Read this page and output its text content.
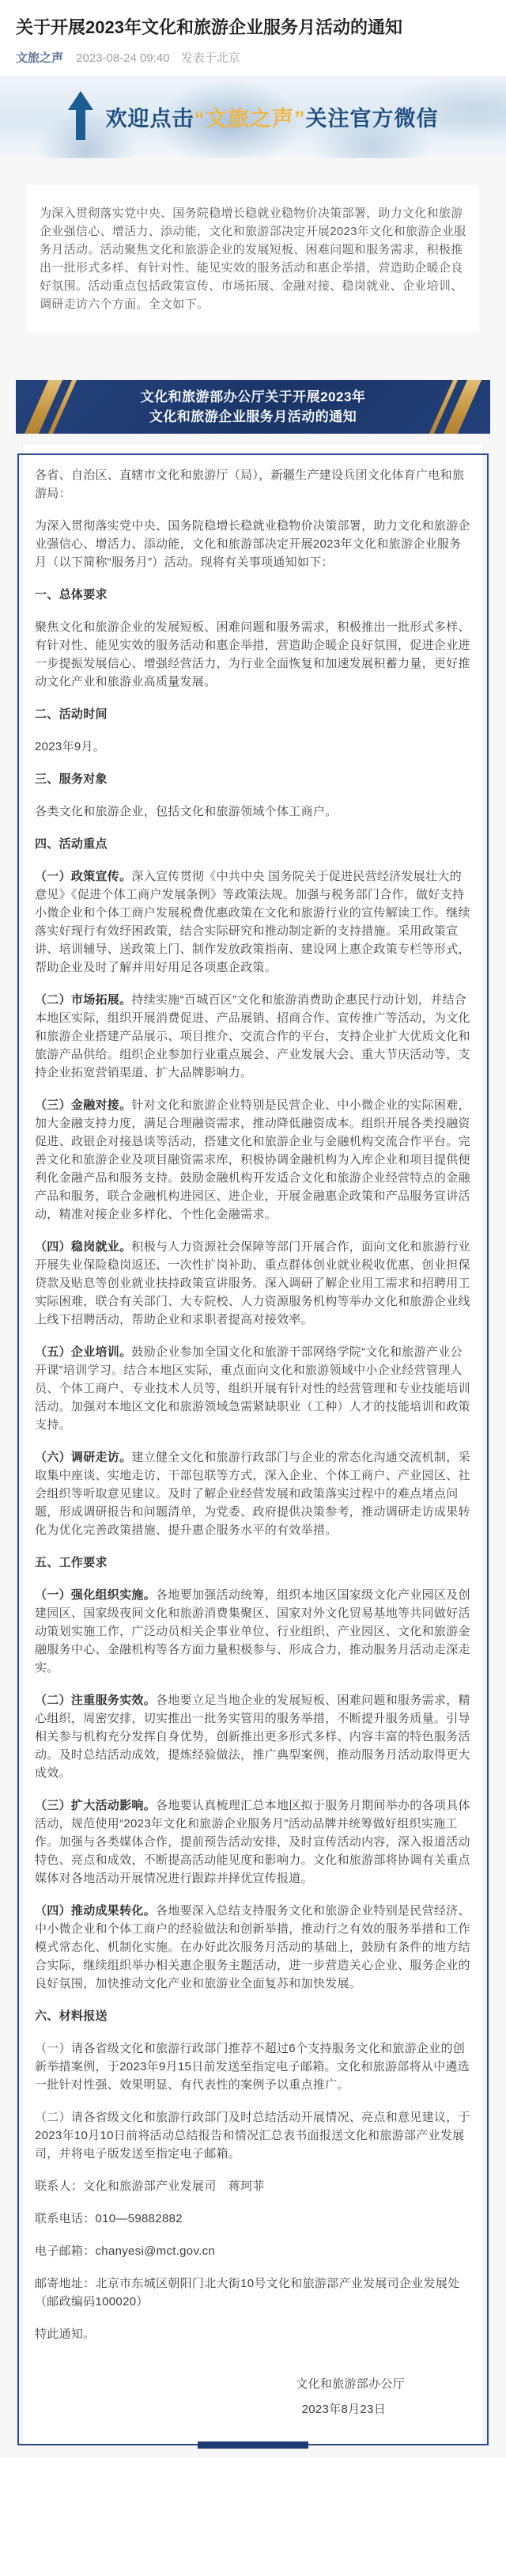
关于开展2023年文化和旅游企业服务月活动的通知
文旅之声 2023-08-24 09:40 发表于北京
欢迎点击“文旅之声”关注官方微信
为深入贯彻落实党中央、国务院稳增长稳就业稳物价决策部署，助力文化和旅游企业强信心、增活力、添动能，文化和旅游部决定开展2023年文化和旅游企业服务月活动。活动聚焦文化和旅游企业的发展短板、困难问题和服务需求，积极推出一批形式多样、有针对性、能见实效的服务活动和惠企举措，营造助企暖企良好氛围。活动重点包括政策宣传、市场拓展、金融对接、稳岗就业、企业培训、调研走访六个方面。全文如下。
文化和旅游部办公厅关于开展2023年
文化和旅游企业服务月活动的通知
各省、自治区、直辖市文化和旅游厅（局），新疆生产建设兵团文化体育广电和旅游局：
为深入贯彻落实党中央、国务院稳增长稳就业稳物价决策部署，助力文化和旅游企业强信心、增活力、添动能，文化和旅游部决定开展2023年文化和旅游企业服务月（以下简称“服务月”）活动。现将有关事项通知如下：
一、总体要求
聚焦文化和旅游企业的发展短板、困难问题和服务需求，积极推出一批形式多样、有针对性、能见实效的服务活动和惠企举措，营造助企暖企良好氛围，促进企业进一步提振发展信心、增强经营活力，为行业全面恢复和加速发展积蓄力量，更好推动文化产业和旅游业高质量发展。
二、活动时间
2023年9月。
三、服务对象
各类文化和旅游企业，包括文化和旅游领域个体工商户。
四、活动重点
（一）政策宣传。深入宣传贯彻《中共中央 国务院关于促进民营经济发展壮大的意见》《促进个体工商户发展条例》等政策法规。加强与税务部门合作，做好支持小微企业和个体工商户发展税费优惠政策在文化和旅游行业的宣传解读工作。继续落实好现行有效纾困政策，结合实际研究和推动制定新的支持措施。采用政策宣讲、培训辅导、送政策上门、制作发放政策指南、建设网上惠企政策专栏等形式，帮助企业及时了解并用好用足各项惠企政策。
（二）市场拓展。持续实施“百城百区”文化和旅游消费助企惠民行动计划，并结合本地区实际，组织开展消费促进、产品展销、招商合作、宣传推广等活动，为文化和旅游企业搭建产品展示、项目推介、交流合作的平台，支持企业扩大优质文化和旅游产品供给。组织企业参加行业重点展会、产业发展大会、重大节庆活动等，支持企业拓宽营销渠道、扩大品牌影响力。
（三）金融对接。针对文化和旅游企业特别是民营企业、中小微企业的实际困难，加大金融支持力度，满足合理融资需求，推动降低融资成本。组织开展各类投融资促进、政银企对接恳谈等活动，搭建文化和旅游企业与金融机构交流合作平台。完善文化和旅游企业及项目融资需求库，积极协调金融机构为入库企业和项目提供便利化金融产品和服务支持。鼓励金融机构开发适合文化和旅游企业经营特点的金融产品和服务，联合金融机构进园区、进企业，开展金融惠企政策和产品服务宣讲活动，精准对接企业多样化、个性化金融需求。
（四）稳岗就业。积极与人力资源社会保障等部门开展合作，面向文化和旅游行业开展失业保险稳岗返还、一次性扩岗补助、重点群体创业就业税收优惠、创业担保贷款及贴息等创业就业扶持政策宣讲服务。深入调研了解企业用工需求和招聘用工实际困难，联合有关部门、大专院校、人力资源服务机构等举办文化和旅游企业线上线下招聘活动，帮助企业和求职者提高对接效率。
（五）企业培训。鼓励企业参加全国文化和旅游干部网络学院“文化和旅游产业公开课”培训学习。结合本地区实际，重点面向文化和旅游领域中小企业经营管理人员、个体工商户、专业技术人员等，组织开展有针对性的经营管理和专业技能培训活动。加强对本地区文化和旅游领域急需紧缺职业（工种）人才的技能培训和政策支持。
（六）调研走访。建立健全文化和旅游行政部门与企业的常态化沟通交流机制，采取集中座谈、实地走访、干部包联等方式，深入企业、个体工商户、产业园区、社会组织等听取意见建议。及时了解企业经营发展和政策落实过程中的难点堵点问题，形成调研报告和问题清单，为党委、政府提供决策参考，推动调研走访成果转化为优化完善政策措施、提升惠企服务水平的有效举措。
五、工作要求
（一）强化组织实施。各地要加强活动统筹，组织本地区国家级文化产业园区及创建园区、国家级夜间文化和旅游消费集聚区、国家对外文化贸易基地等共同做好活动策划实施工作，广泛动员相关企事业单位、行业组织、产业园区、文化和旅游金融服务中心、金融机构等各方面力量积极参与、形成合力，推动服务月活动走深走实。
（二）注重服务实效。各地要立足当地企业的发展短板、困难问题和服务需求，精心组织，周密安排，切实推出一批务实管用的服务举措，不断提升服务质量。引导相关参与机构充分发挥自身优势，创新推出更多形式多样、内容丰富的特色服务活动。及时总结活动成效，提炼经验做法，推广典型案例，推动服务月活动取得更大成效。
（三）扩大活动影响。各地要认真梳理汇总本地区拟于服务月期间举办的各项具体活动，规范使用“2023年文化和旅游企业服务月”活动品牌并统筹做好组织实施工作。加强与各类媒体合作，提前预告活动安排，及时宣传活动内容，深入报道活动特色、亮点和成效，不断提高活动能见度和影响力。文化和旅游部将协调有关重点媒体对各地活动开展情况进行跟踪并择优宣传报道。
（四）推动成果转化。各地要深入总结支持服务文化和旅游企业特别是民营经济、中小微企业和个体工商户的经验做法和创新举措，推动行之有效的服务举措和工作模式常态化、机制化实施。在办好此次服务月活动的基础上，鼓励有条件的地方结合实际，继续组织举办相关惠企服务主题活动，进一步营造关心企业、服务企业的良好氛围，加快推动文化产业和旅游业全面复苏和加快发展。
六、材料报送
（一）请各省级文化和旅游行政部门推荐不超过6个支持服务文化和旅游企业的创新举措案例，于2023年9月15日前发送至指定电子邮箱。文化和旅游部将从中遴选一批针对性强、效果明显、有代表性的案例予以重点推广。
（二）请各省级文化和旅游行政部门及时总结活动开展情况、亮点和意见建议，于2023年10月10日前将活动总结报告和情况汇总表书面报送文化和旅游部产业发展司，并将电子版发送至指定电子邮箱。
联系人：文化和旅游部产业发展司　蒋珂菲
联系电话：010—59882882
电子邮箱：chanyesi@mct.gov.cn
邮寄地址：北京市东城区朝阳门北大街10号文化和旅游部产业发展司企业发展处（邮政编码100020）
特此通知。
文化和旅游部办公厅
2023年8月23日
